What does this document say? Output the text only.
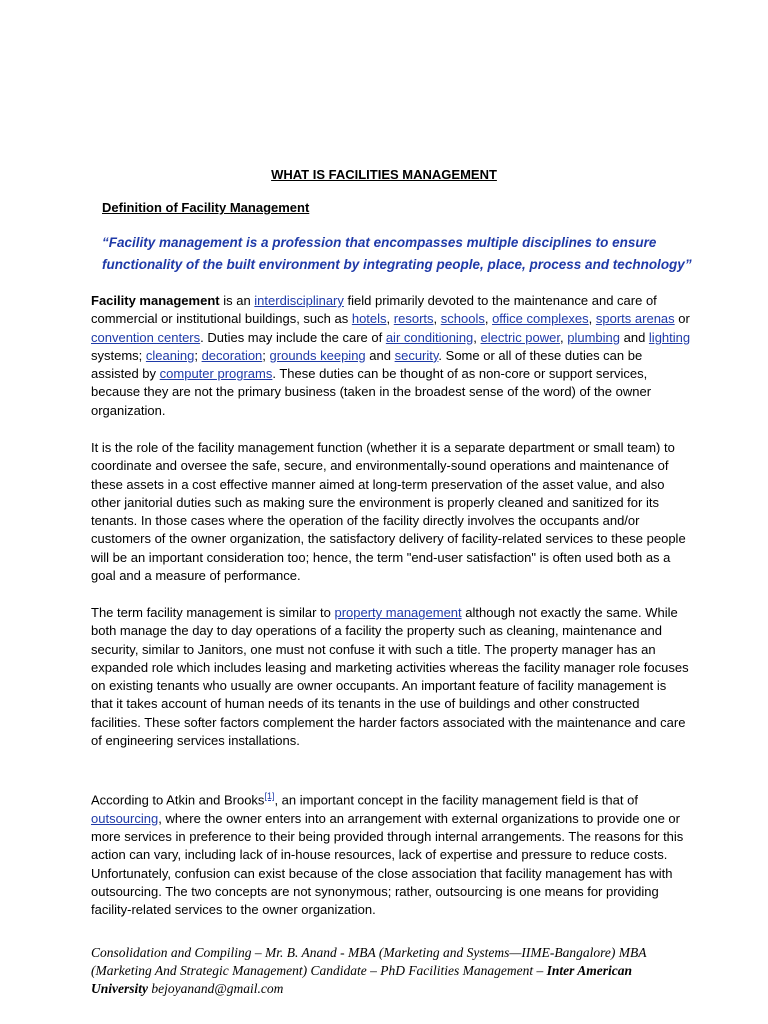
WHAT IS FACILITIES MANAGEMENT
Definition of Facility Management

“Facility management is a profession that encompasses multiple disciplines to ensure functionality of the built environment by integrating people, place, process and technology”

Facility management is an interdisciplinary field primarily devoted to the maintenance and care of commercial or institutional buildings, such as hotels, resorts, schools, office complexes, sports arenas or convention centers. Duties may include the care of air conditioning, electric power, plumbing and lighting systems; cleaning; decoration; grounds keeping and security. Some or all of these duties can be assisted by computer programs. These duties can be thought of as non-core or support services, because they are not the primary business (taken in the broadest sense of the word) of the owner organization.

It is the role of the facility management function (whether it is a separate department or small team) to coordinate and oversee the safe, secure, and environmentally-sound operations and maintenance of these assets in a cost effective manner aimed at long-term preservation of the asset value, and also other janitorial duties such as making sure the environment is properly cleaned and sanitized for its tenants. In those cases where the operation of the facility directly involves the occupants and/or customers of the owner organization, the satisfactory delivery of facility-related services to these people will be an important consideration too; hence, the term "end-user satisfaction" is often used both as a goal and a measure of performance.

The term facility management is similar to property management although not exactly the same. While both manage the day to day operations of a facility the property such as cleaning, maintenance and security, similar to Janitors, one must not confuse it with such a title. The property manager has an expanded role which includes leasing and marketing activities whereas the facility manager role focuses on existing tenants who usually are owner occupants. An important feature of facility management is that it takes account of human needs of its tenants in the use of buildings and other constructed facilities. These softer factors complement the harder factors associated with the maintenance and care of engineering services installations.

According to Atkin and Brooks[1], an important concept in the facility management field is that of outsourcing, where the owner enters into an arrangement with external organizations to provide one or more services in preference to their being provided through internal arrangements. The reasons for this action can vary, including lack of in-house resources, lack of expertise and pressure to reduce costs. Unfortunately, confusion can exist because of the close association that facility management has with outsourcing. The two concepts are not synonymous; rather, outsourcing is one means for providing facility-related services to the owner organization.

Consolidation and Compiling – Mr. B. Anand - MBA (Marketing and Systems—IIME-Bangalore) MBA (Marketing And Strategic Management) Candidate – PhD Facilities Management – Inter American University bejoyanand@gmail.com
